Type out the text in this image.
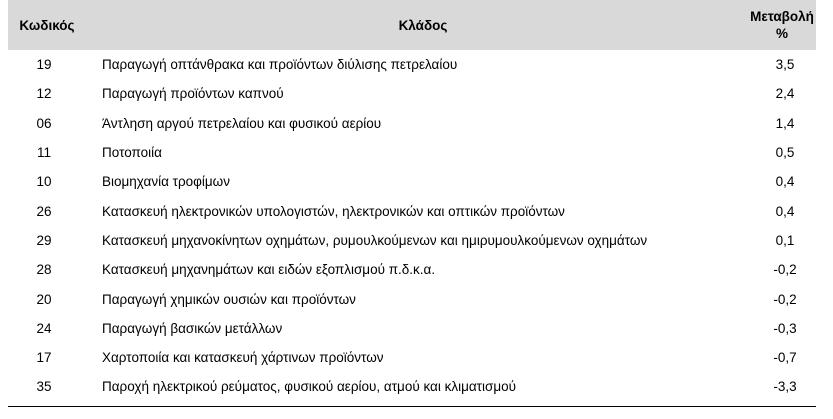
Κωδικός	Κλάδος	Μεταβολή
%

19	Παραγωγή οπτάνθρακα και προϊόντων διύλισης πετρελαίου	3,5
12	Παραγωγή προϊόντων καπνού	2,4
06	Άντληση αργού πετρελαίου και φυσικού αερίου	1,4
11	Ποτοποιία	0,5
10	Βιομηχανία τροφίμων	0,4
26	Κατασκευή ηλεκτρονικών υπολογιστών, ηλεκτρονικών και οπτικών προϊόντων	0,4
29	Κατασκευή μηχανοκίνητων οχημάτων, ρυμουλκούμενων και ημιρυμουλκούμενων οχημάτων	0,1
28	Κατασκευή μηχανημάτων και ειδών εξοπλισμού π.δ.κ.α.	-0,2
20	Παραγωγή χημικών ουσιών και προϊόντων	-0,2
24	Παραγωγή βασικών μετάλλων	-0,3
17	Χαρτοποιία και κατασκευή χάρτινων προϊόντων	-0,7
35	Παροχή ηλεκτρικού ρεύματος, φυσικού αερίου, ατμού και κλιματισμού	-3,3
